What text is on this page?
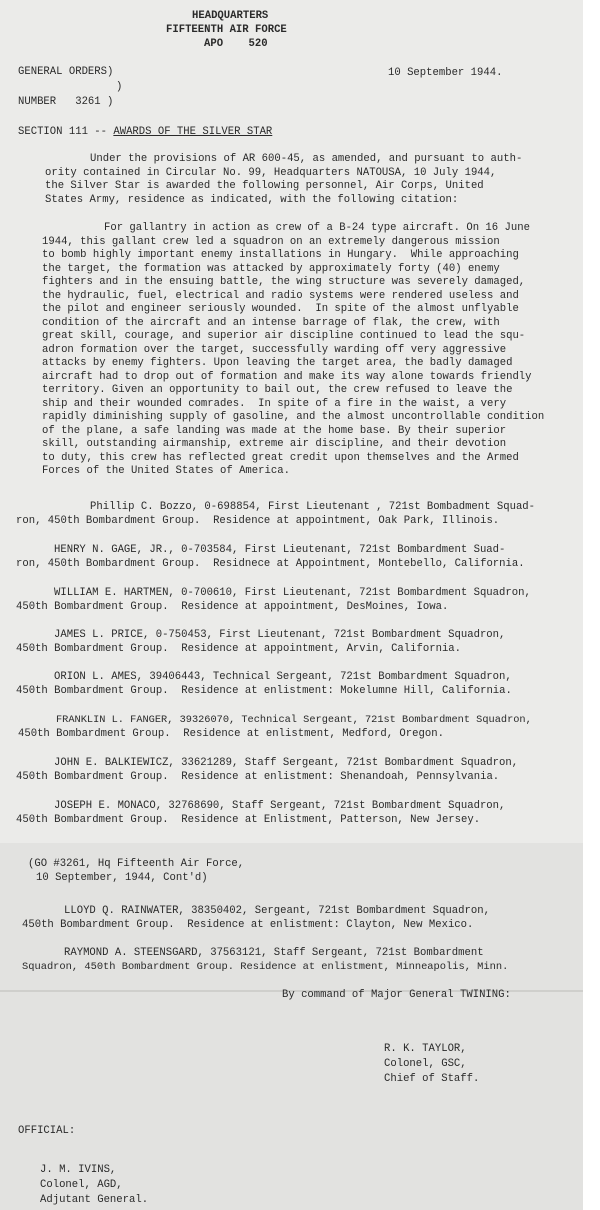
HEADQUARTERS
FIFTEENTH AIR FORCE
APO    520
GENERAL ORDERS)
)
NUMBER   3261 )
10 September 1944.
SECTION 111 -- AWARDS OF THE SILVER STAR
Under the provisions of AR 600-45, as amended, and pursuant to auth-
ority contained in Circular No. 99, Headquarters NATOUSA, 10 July 1944,
the Silver Star is awarded the following personnel, Air Corps, United
States Army, residence as indicated, with the following citation:
For gallantry in action as crew of a B-24 type aircraft. On 16 June
1944, this gallant crew led a squadron on an extremely dangerous mission
to bomb highly important enemy installations in Hungary.  While approaching
the target, the formation was attacked by approximately forty (40) enemy
fighters and in the ensuing battle, the wing structure was severely damaged,
the hydraulic, fuel, electrical and radio systems were rendered useless and
the pilot and engineer seriously wounded.  In spite of the almost unflyable
condition of the aircraft and an intense barrage of flak, the crew, with
great skill, courage, and superior air discipline continued to lead the squ-
adron formation over the target, successfully warding off very aggressive
attacks by enemy fighters. Upon leaving the target area, the badly damaged
aircraft had to drop out of formation and make its way alone towards friendly
territory. Given an opportunity to bail out, the crew refused to leave the
ship and their wounded comrades.  In spite of a fire in the waist, a very
rapidly diminishing supply of gasoline, and the almost uncontrollable condition
of the plane, a safe landing was made at the home base. By their superior
skill, outstanding airmanship, extreme air discipline, and their devotion
to duty, this crew has reflected great credit upon themselves and the Armed
Forces of the United States of America.
Phillip C. Bozzo, 0-698854, First Lieutenant , 721st Bombadment Squad-
ron, 450th Bombardment Group.  Residence at appointment, Oak Park, Illinois.
HENRY N. GAGE, JR., 0-703584, First Lieutenant, 721st Bombardment Suad-
ron, 450th Bombardment Group.  Residnece at Appointment, Montebello, California.
WILLIAM E. HARTMEN, 0-700610, First Lieutenant, 721st Bombardment Squadron,
450th Bombardment Group.  Residence at appointment, DesMoines, Iowa.
JAMES L. PRICE, 0-750453, First Lieutenant, 721st Bombardment Squadron,
450th Bombardment Group.  Residence at appointment, Arvin, California.
ORION L. AMES, 39406443, Technical Sergeant, 721st Bombardment Squadron,
450th Bombardment Group.  Residence at enlistment: Mokelumne Hill, California.
FRANKLIN L. FANGER, 39326070, Technical Sergeant, 721st Bombardment Squadron,
450th Bombardment Group.  Residence at enlistment, Medford, Oregon.
JOHN E. BALKIEWICZ, 33621289, Staff Sergeant, 721st Bombardment Squadron,
450th Bombardment Group.  Residence at enlistment: Shenandoah, Pennsylvania.
JOSEPH E. MONACO, 32768690, Staff Sergeant, 721st Bombardment Squadron,
450th Bombardment Group.  Residence at Enlistment, Patterson, New Jersey.
(GO #3261, Hq Fifteenth Air Force,
10 September, 1944, Cont'd)
LLOYD Q. RAINWATER, 38350402, Sergeant, 721st Bombardment Squadron,
450th Bombardment Group.  Residence at enlistment: Clayton, New Mexico.
RAYMOND A. STEENSGARD, 37563121, Staff Sergeant, 721st Bombardment
Squadron, 450th Bombardment Group. Residence at enlistment, Minneapolis, Minn.
By command of Major General TWINING:
R. K. TAYLOR,
Colonel, GSC,
Chief of Staff.
OFFICIAL:
J. M. IVINS,
Colonel, AGD,
Adjutant General.
